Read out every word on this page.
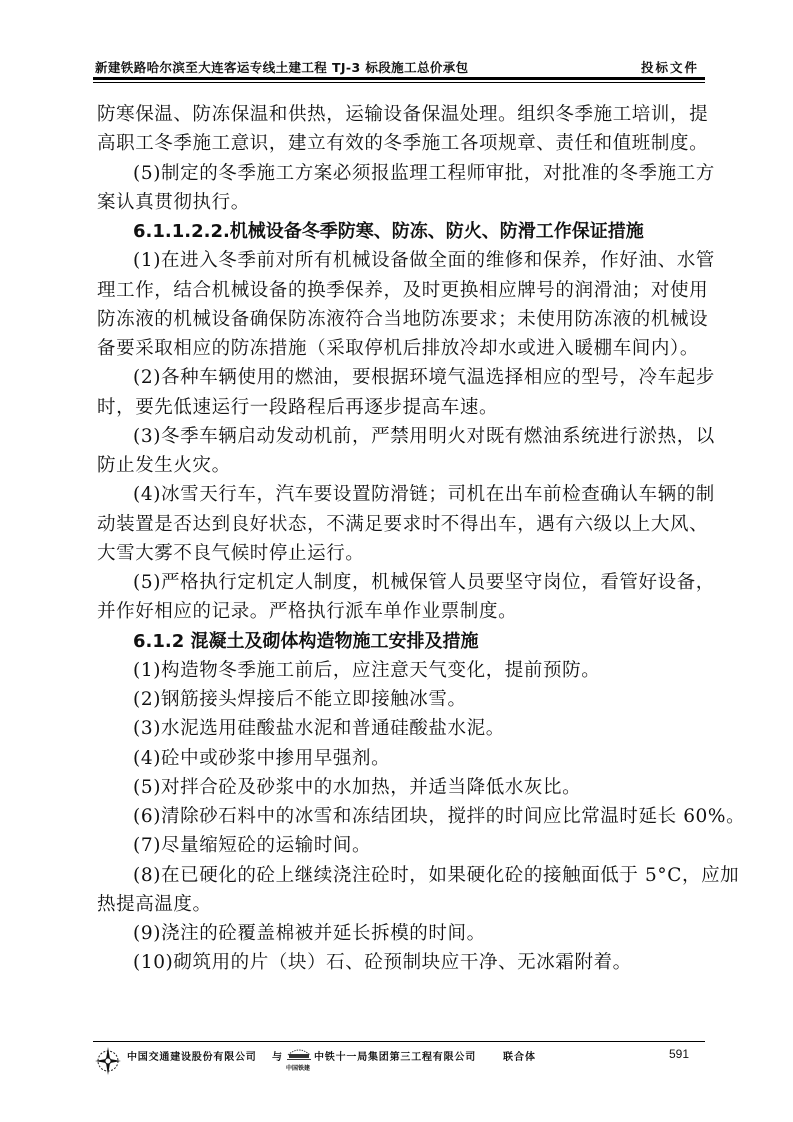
新建铁路哈尔滨至大连客运专线土建工程 TJ-3 标段施工总价承包	投标文件
防寒保温、防冻保温和供热，运输设备保温处理。组织冬季施工培训，提
高职工冬季施工意识，建立有效的冬季施工各项规章、责任和值班制度。
(5)制定的冬季施工方案必须报监理工程师审批，对批准的冬季施工方
案认真贯彻执行。
6.1.1.2.2.机械设备冬季防寒、防冻、防火、防滑工作保证措施
(1)在进入冬季前对所有机械设备做全面的维修和保养，作好油、水管
理工作，结合机械设备的换季保养，及时更换相应牌号的润滑油；对使用
防冻液的机械设备确保防冻液符合当地防冻要求；未使用防冻液的机械设
备要采取相应的防冻措施（采取停机后排放冷却水或进入暖棚车间内）。
(2)各种车辆使用的燃油，要根据环境气温选择相应的型号，冷车起步
时，要先低速运行一段路程后再逐步提高车速。
(3)冬季车辆启动发动机前，严禁用明火对既有燃油系统进行淤热，以
防止发生火灾。
(4)冰雪天行车，汽车要设置防滑链；司机在出车前检查确认车辆的制
动装置是否达到良好状态，不满足要求时不得出车，遇有六级以上大风、
大雪大雾不良气候时停止运行。
(5)严格执行定机定人制度，机械保管人员要坚守岗位，看管好设备，
并作好相应的记录。严格执行派车单作业票制度。
6.1.2 混凝土及砌体构造物施工安排及措施
(1)构造物冬季施工前后，应注意天气变化，提前预防。
(2)钢筋接头焊接后不能立即接触冰雪。
(3)水泥选用硅酸盐水泥和普通硅酸盐水泥。
(4)砼中或砂浆中掺用早强剂。
(5)对拌合砼及砂浆中的水加热，并适当降低水灰比。
(6)清除砂石料中的冰雪和冻结团块，搅拌的时间应比常温时延长 60%。
(7)尽量缩短砼的运输时间。
(8)在已硬化的砼上继续浇注砼时，如果硬化砼的接触面低于 5°C，应加
热提高温度。
(9)浇注的砼覆盖棉被并延长拆模的时间。
(10)砌筑用的片（块）石、砼预制块应干净、无冰霜附着。
中国交通建设股份有限公司 与
中国铁建
中铁十一局集团第三工程有限公司	联合体	591
